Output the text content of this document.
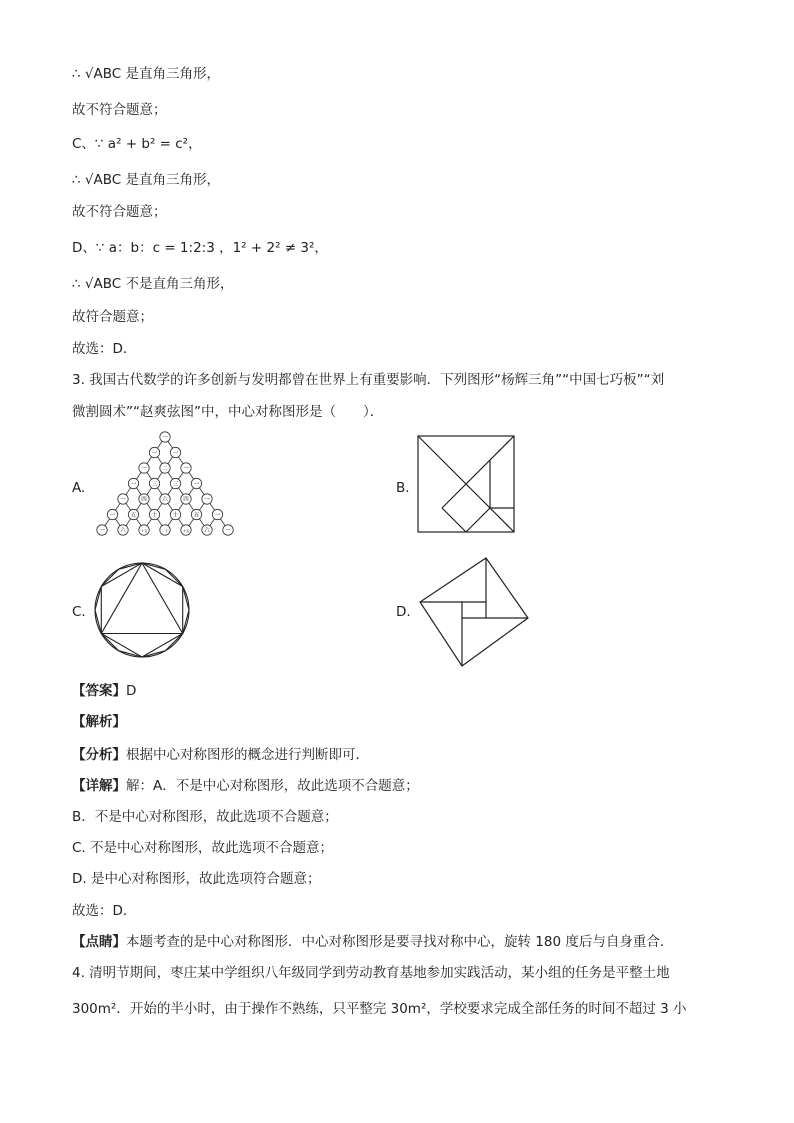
∴ √ABC 是直角三角形，
故不符合题意；
C、∵ a² + b² = c²，
∴ √ABC 是直角三角形，
故不符合题意；
D、∵ a：b：c = 1:2:3 ，1² + 2² ≠ 3²，
∴ √ABC 不是直角三角形，
故符合题意；
故选：D．
3. 我国古代数学的许多创新与发明都曾在世界上有重要影响．下列图形“杨辉三角”“中国七巧板”“刘
微割圆术”“赵爽弦图”中，中心对称图形是（　　）．
A.
一
一	一
一	二	一
一	三	三	一
一	四	六	四	一
一	五	十	十	五	一
一	六	十五	二十	十五	六	一
B.
C.	D.
【答案】D
【解析】
【分析】根据中心对称图形的概念进行判断即可．
【详解】解：A．不是中心对称图形，故此选项不合题意；
B．不是中心对称图形，故此选项不合题意；
C. 不是中心对称图形，故此选项不合题意；
D. 是中心对称图形，故此选项符合题意；
故选：D．
【点睛】本题考查的是中心对称图形．中心对称图形是要寻找对称中心，旋转 180 度后与自身重合．
4. 清明节期间，枣庄某中学组织八年级同学到劳动教育基地参加实践活动，某小组的任务是平整土地
300m²．开始的半小时，由于操作不熟练，只平整完 30m²，学校要求完成全部任务的时间不超过 3 小
